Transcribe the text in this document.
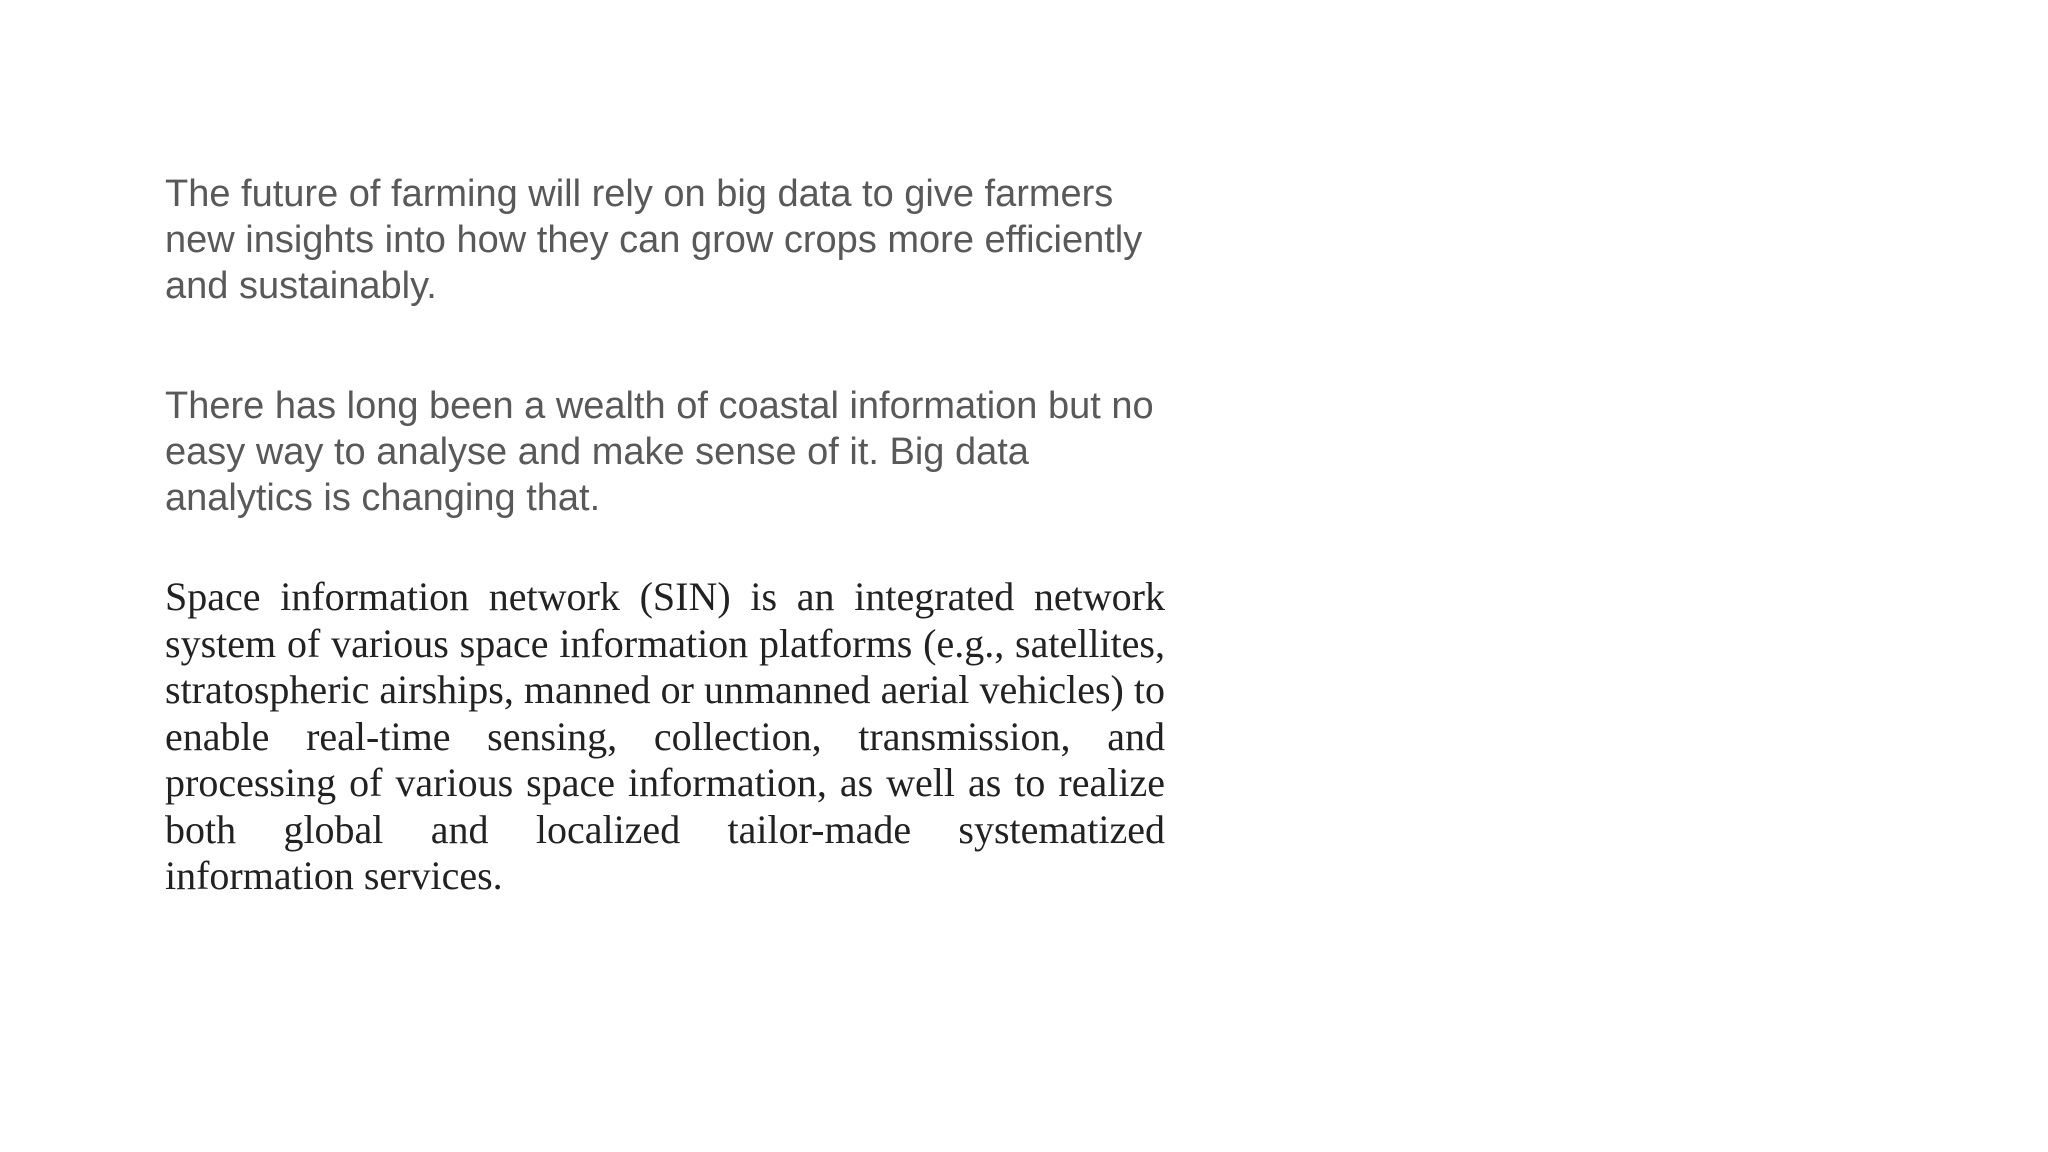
The future of farming will rely on big data to give farmers new insights into how they can grow crops more efficiently and sustainably.

There has long been a wealth of coastal information but no easy way to analyse and make sense of it. Big data analytics is changing that.

Space information network (SIN) is an integrated network system of various space information platforms (e.g., satellites, stratospheric airships, manned or unmanned aerial vehicles) to enable real-time sensing, collection, transmission, and processing of various space information, as well as to realize both global and localized tailor-made systematized information services.
